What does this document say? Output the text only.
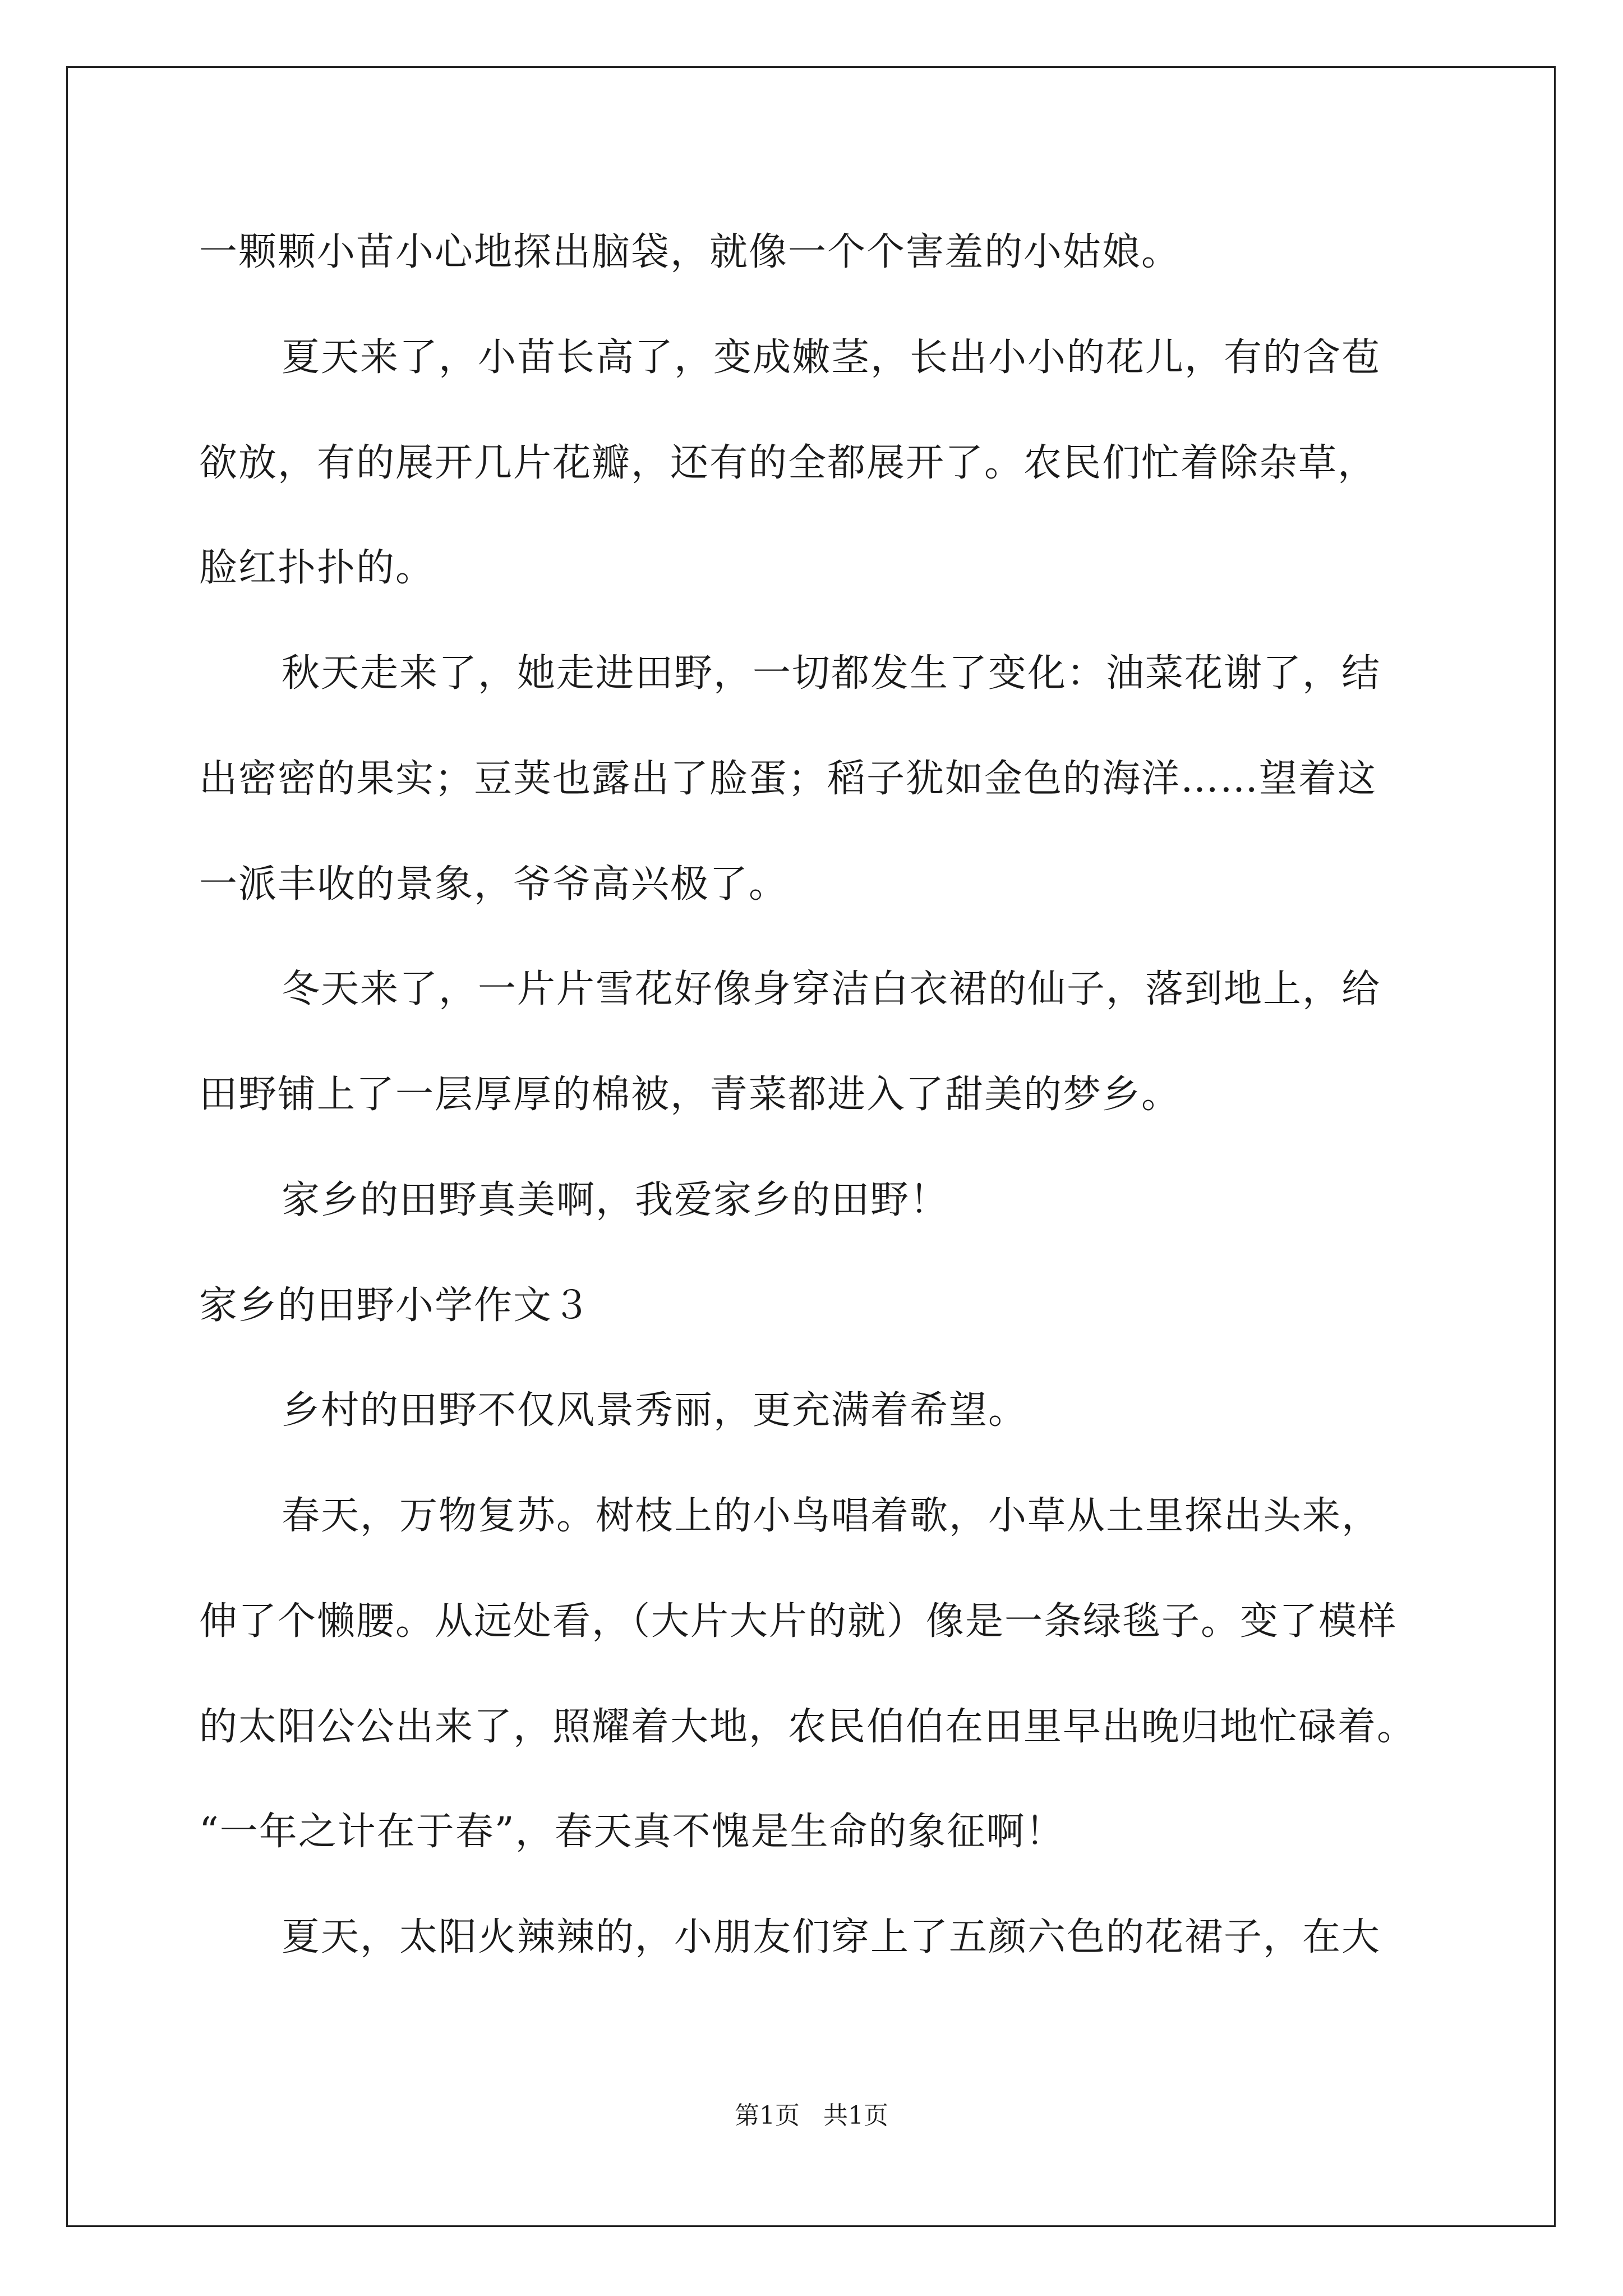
一颗颗小苗小心地探出脑袋，就像一个个害羞的小姑娘。
夏天来了，小苗长高了，变成嫩茎，长出小小的花儿，有的含苞
欲放，有的展开几片花瓣，还有的全都展开了。农民们忙着除杂草，
脸红扑扑的。
秋天走来了，她走进田野，一切都发生了变化：油菜花谢了，结
出密密的果实；豆荚也露出了脸蛋；稻子犹如金色的海洋……望着这
一派丰收的景象，爷爷高兴极了。
冬天来了，一片片雪花好像身穿洁白衣裙的仙子，落到地上，给
田野铺上了一层厚厚的棉被，青菜都进入了甜美的梦乡。
家乡的田野真美啊，我爱家乡的田野！
家乡的田野小学作文３
乡村的田野不仅风景秀丽，更充满着希望。
春天，万物复苏。树枝上的小鸟唱着歌，小草从土里探出头来，
伸了个懒腰。从远处看，（大片大片的就）像是一条绿毯子。变了模样
的太阳公公出来了，照耀着大地，农民伯伯在田里早出晚归地忙碌着。
“一年之计在于春”，春天真不愧是生命的象征啊！
夏天，太阳火辣辣的，小朋友们穿上了五颜六色的花裙子，在大
第1页 共1页
